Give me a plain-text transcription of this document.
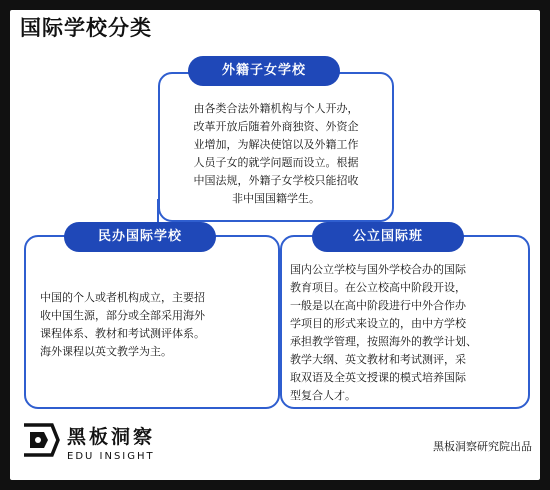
国际学校分类
由各类合法外籍机构与个人开办，
改革开放后随着外商独资、外资企
业增加，为解决使馆以及外籍工作
人员子女的就学问题而设立。根据
中国法规，外籍子女学校只能招收
非中国国籍学生。
外籍子女学校
中国的个人或者机构成立，主要招
收中国生源，部分或全部采用海外
课程体系、教材和考试测评体系。
海外课程以英文教学为主。
民办国际学校
国内公立学校与国外学校合办的国际
教育项目。在公立校高中阶段开设，
一般是以在高中阶段进行中外合作办
学项目的形式来设立的，由中方学校
承担教学管理，按照海外的教学计划、
教学大纲、英文教材和考试测评，采
取双语及全英文授课的模式培养国际
型复合人才。
公立国际班
黑板洞察
EDU INSIGHT
黑板洞察研究院出品
